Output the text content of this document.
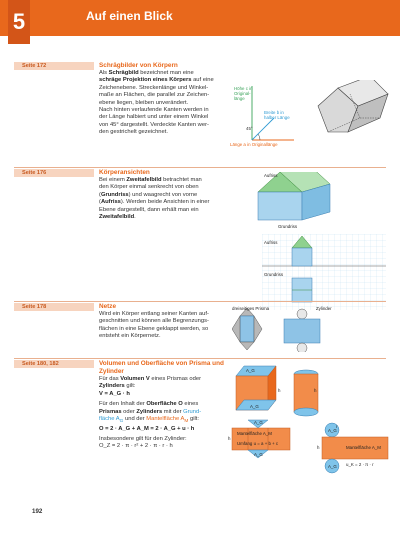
5	Auf einen Blick
Seite 172	Schrägbilder von Körpern

Als Schrägbild bezeichnet man eine

schräge Projektion eines Körpers auf eine

Zeichenebene. Streckenlänge und Winkel-

maße an Flächen, die parallel zur Zeichen-

ebene liegen, bleiben unverändert.

Nach hinten verlaufende Kanten werden in

der Länge halbiert und unter einem Winkel

von 45° dargestellt. Verdeckte Kanten wer-

den gestrichelt gezeichnet.

Höhe c in
Original-
länge
Breite b in
halber Länge
45°
Länge a in Originallänge
Seite 176	Körperansichten

Bei einem Zweitafelbild betrachtet man

den Körper einmal senkrecht von oben

(Grundriss) und waagrecht von vorne

(Aufriss). Werden beide Ansichten in einer

Ebene dargestellt, dann erhält man ein

Zweitafelbild.

Aufriss
Grundriss
Aufriss
Grundriss
Seite 178	Netze

Wird ein Körper entlang seiner Kanten auf-

geschnitten und können alle Begrenzungs-

flächen in eine Ebene geklappt werden, so

entsteht ein Körpernetz.

dreiseitiges Prisma	Zylinder
Seite 180, 182	Volumen und Oberfläche von Prisma und Zylinder

Für das Volumen V eines Prismas oder

Zylinders gilt:

V = A_G · h

Für den Inhalt der Oberfläche O eines

Prismas oder Zylinders mit der Grund-

fläche $A_G$ und der Mantelfläche $A_M$ gilt:

O = 2 · A_G + A_M = 2 · A_G + u · h

Insbesondere gilt für den Zylinder:

O_Z = 2 · π · r² + 2 · π · r · h

A_G
h	h
A_G
Mantelfläche A_M
Umfang u = a + b + c
h
A_G
A_G
r
A_G
Mantelfläche A_M
h
A_G u_K = 2 · π · r
192
